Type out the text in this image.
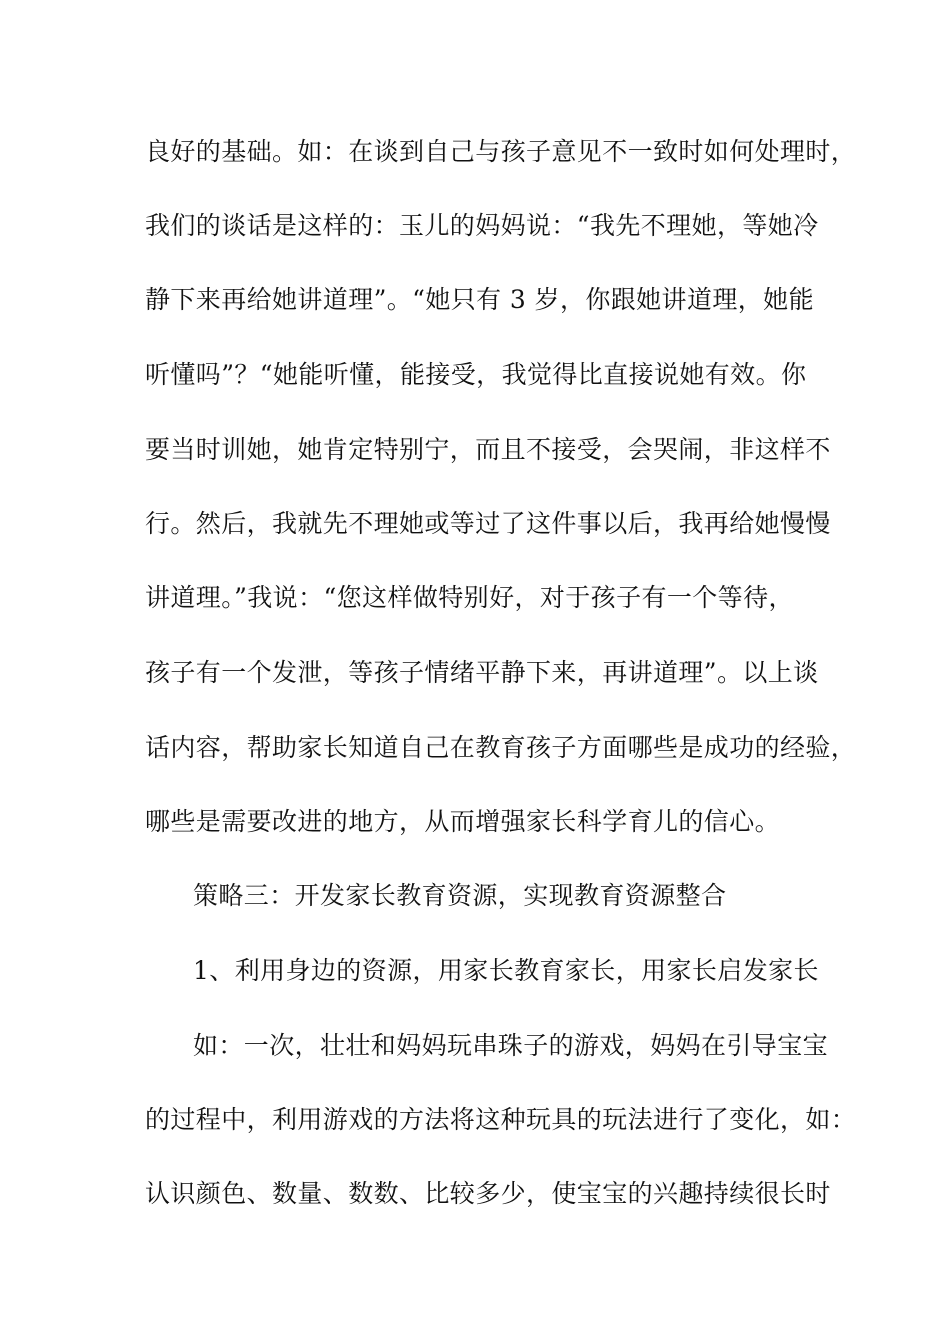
良好的基础。如：在谈到自己与孩子意见不一致时如何处理时，
我们的谈话是这样的：玉儿的妈妈说：“我先不理她，等她冷
静下来再给她讲道理”。“她只有 3 岁，你跟她讲道理，她能
听懂吗”？“她能听懂，能接受，我觉得比直接说她有效。你
要当时训她，她肯定特别宁，而且不接受，会哭闹，非这样不
行。然后，我就先不理她或等过了这件事以后，我再给她慢慢
讲道理。”我说：“您这样做特别好，对于孩子有一个等待，
孩子有一个发泄，等孩子情绪平静下来，再讲道理”。以上谈
话内容，帮助家长知道自己在教育孩子方面哪些是成功的经验，
哪些是需要改进的地方，从而增强家长科学育儿的信心。
策略三：开发家长教育资源，实现教育资源整合
1、利用身边的资源，用家长教育家长，用家长启发家长
如：一次，壮壮和妈妈玩串珠子的游戏，妈妈在引导宝宝
的过程中，利用游戏的方法将这种玩具的玩法进行了变化，如：
认识颜色、数量、数数、比较多少，使宝宝的兴趣持续很长时
